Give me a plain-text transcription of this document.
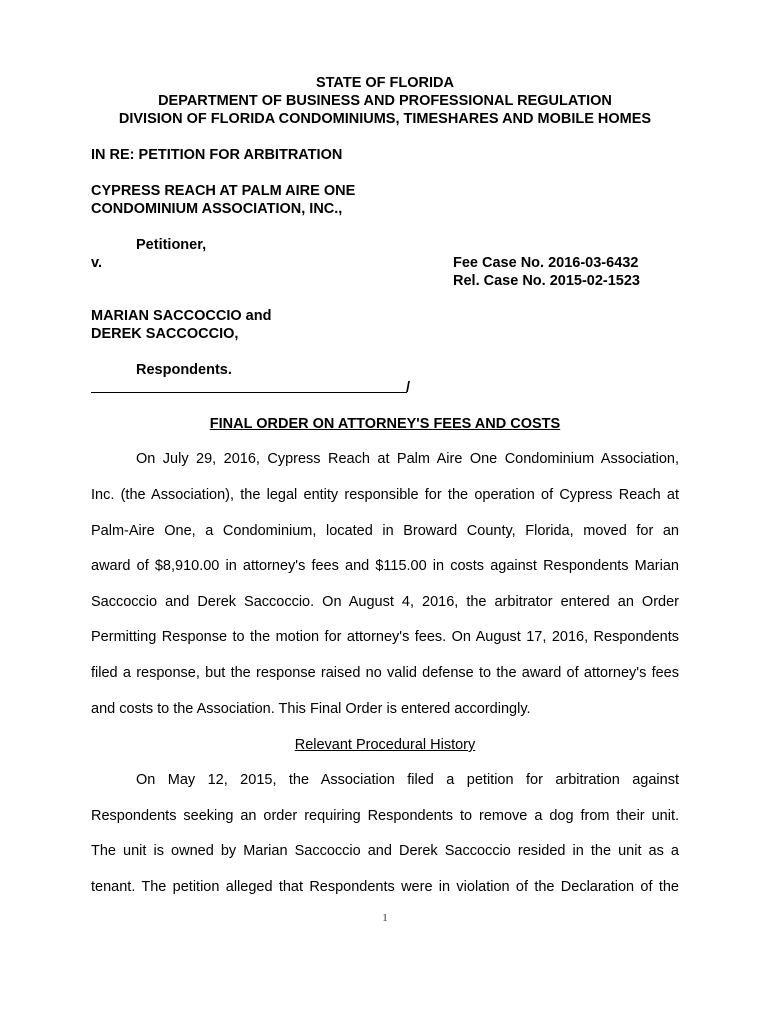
STATE OF FLORIDA
DEPARTMENT OF BUSINESS AND PROFESSIONAL REGULATION
DIVISION OF FLORIDA CONDOMINIUMS, TIMESHARES AND MOBILE HOMES
IN RE: PETITION FOR ARBITRATION
CYPRESS REACH AT PALM AIRE ONE
CONDOMINIUM ASSOCIATION, INC.,
Petitioner,
v.	Fee Case No. 2016-03-6432
Rel. Case No. 2015-02-1523
MARIAN SACCOCCIO and
DEREK SACCOCCIO,
Respondents.
/
FINAL ORDER ON ATTORNEY'S FEES AND COSTS
On July 29, 2016, Cypress Reach at Palm Aire One Condominium Association,
Inc. (the Association), the legal entity responsible for the operation of Cypress Reach at
Palm-Aire One, a Condominium, located in Broward County, Florida, moved for an
award of $8,910.00 in attorney's fees and $115.00 in costs against Respondents Marian
Saccoccio and Derek Saccoccio. On August 4, 2016, the arbitrator entered an Order
Permitting Response to the motion for attorney's fees. On August 17, 2016, Respondents
filed a response, but the response raised no valid defense to the award of attorney's fees
and costs to the Association. This Final Order is entered accordingly.
Relevant Procedural History
On May 12, 2015, the Association filed a petition for arbitration against
Respondents seeking an order requiring Respondents to remove a dog from their unit.
The unit is owned by Marian Saccoccio and Derek Saccoccio resided in the unit as a
tenant. The petition alleged that Respondents were in violation of the Declaration of the
1
